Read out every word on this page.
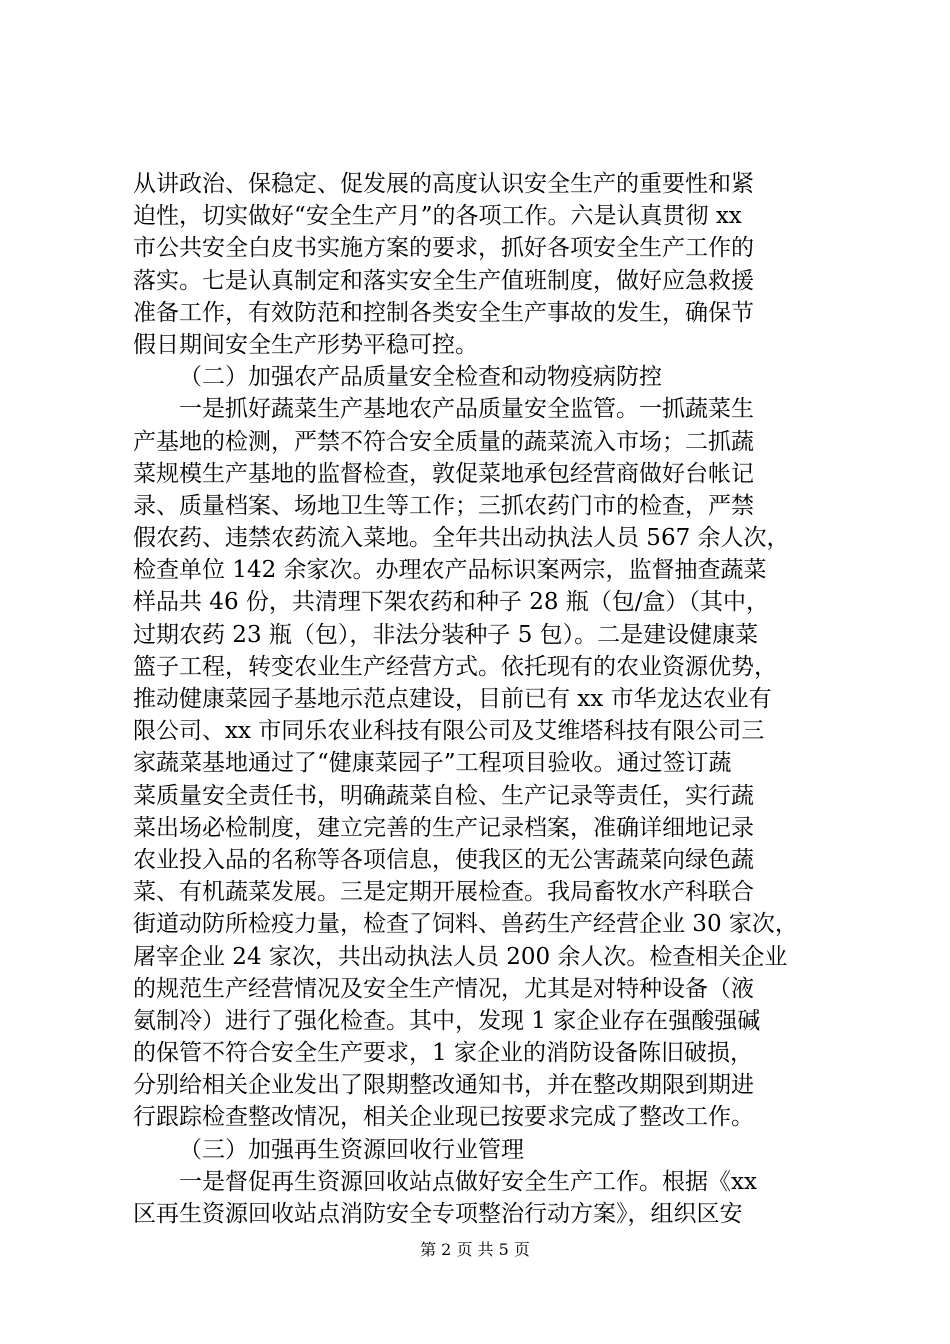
从讲政治、保稳定、促发展的高度认识安全生产的重要性和紧
迫性，切实做好“安全生产月”的各项工作。六是认真贯彻 xx
市公共安全白皮书实施方案的要求，抓好各项安全生产工作的
落实。七是认真制定和落实安全生产值班制度，做好应急救援
准备工作，有效防范和控制各类安全生产事故的发生，确保节
假日期间安全生产形势平稳可控。
（二）加强农产品质量安全检查和动物疫病防控
一是抓好蔬菜生产基地农产品质量安全监管。一抓蔬菜生
产基地的检测，严禁不符合安全质量的蔬菜流入市场；二抓蔬
菜规模生产基地的监督检查，敦促菜地承包经营商做好台帐记
录、质量档案、场地卫生等工作；三抓农药门市的检查，严禁
假农药、违禁农药流入菜地。全年共出动执法人员 567 余人次，
检查单位 142 余家次。办理农产品标识案两宗，监督抽查蔬菜
样品共 46 份，共清理下架农药和种子 28 瓶（包/盒）（其中，
过期农药 23 瓶（包），非法分装种子 5 包）。二是建设健康菜
篮子工程，转变农业生产经营方式。依托现有的农业资源优势，
推动健康菜园子基地示范点建设，目前已有 xx 市华龙达农业有
限公司、xx 市同乐农业科技有限公司及艾维塔科技有限公司三
家蔬菜基地通过了“健康菜园子”工程项目验收。通过签订蔬
菜质量安全责任书，明确蔬菜自检、生产记录等责任，实行蔬
菜出场必检制度，建立完善的生产记录档案，准确详细地记录
农业投入品的名称等各项信息，使我区的无公害蔬菜向绿色蔬
菜、有机蔬菜发展。三是定期开展检查。我局畜牧水产科联合
街道动防所检疫力量，检查了饲料、兽药生产经营企业 30 家次，
屠宰企业 24 家次，共出动执法人员 200 余人次。检查相关企业
的规范生产经营情况及安全生产情况，尤其是对特种设备（液
氨制冷）进行了强化检查。其中，发现 1 家企业存在强酸强碱
的保管不符合安全生产要求，1 家企业的消防设备陈旧破损，
分别给相关企业发出了限期整改通知书，并在整改期限到期进
行跟踪检查整改情况，相关企业现已按要求完成了整改工作。
（三）加强再生资源回收行业管理
一是督促再生资源回收站点做好安全生产工作。根据《xx
区再生资源回收站点消防安全专项整治行动方案》，组织区安
第 2 页 共 5 页
